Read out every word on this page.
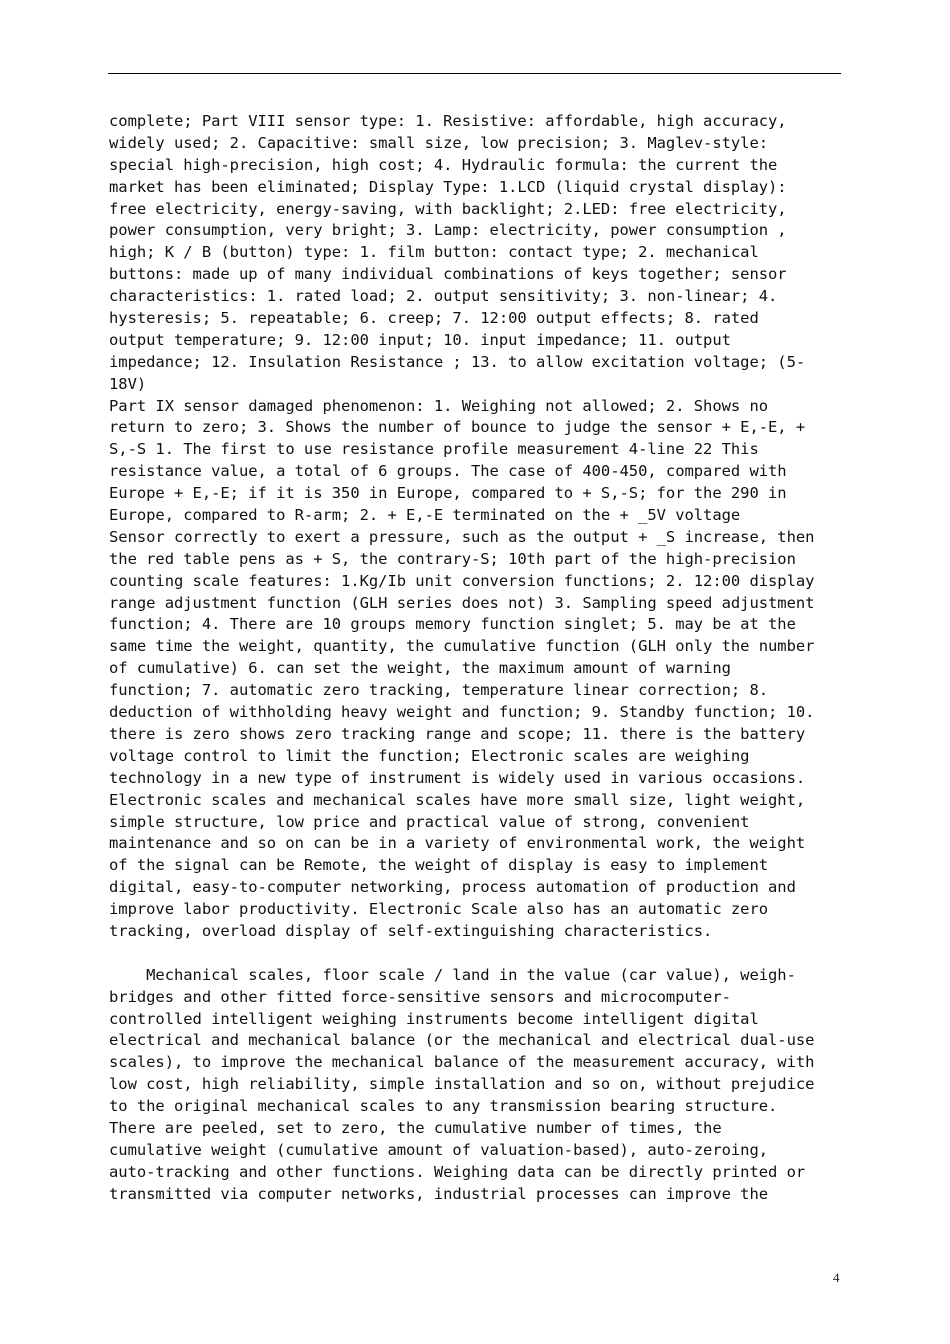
complete; Part VIII sensor type: 1. Resistive: affordable, high accuracy,
widely used; 2. Capacitive: small size, low precision; 3. Maglev-style:
special high-precision, high cost; 4. Hydraulic formula: the current the
market has been eliminated; Display Type: 1.LCD (liquid crystal display):
free electricity, energy-saving, with backlight; 2.LED: free electricity,
power consumption, very bright; 3. Lamp: electricity, power consumption ,
high; K / B (button) type: 1. film button: contact type; 2. mechanical
buttons: made up of many individual combinations of keys together; sensor
characteristics: 1. rated load; 2. output sensitivity; 3. non-linear; 4.
hysteresis; 5. repeatable; 6. creep; 7. 12:00 output effects; 8. rated
output temperature; 9. 12:00 input; 10. input impedance; 11. output
impedance; 12. Insulation Resistance ; 13. to allow excitation voltage; (5-
18V)
Part IX sensor damaged phenomenon: 1. Weighing not allowed; 2. Shows no
return to zero; 3. Shows the number of bounce to judge the sensor + E,-E, +
S,-S 1. The first to use resistance profile measurement 4-line 22 This
resistance value, a total of 6 groups. The case of 400-450, compared with
Europe + E,-E; if it is 350 in Europe, compared to + S,-S; for the 290 in
Europe, compared to R-arm; 2. + E,-E terminated on the + _5V voltage
Sensor correctly to exert a pressure, such as the output + _S increase, then
the red table pens as + S, the contrary-S; 10th part of the high-precision
counting scale features: 1.Kg/Ib unit conversion functions; 2. 12:00 display
range adjustment function (GLH series does not) 3. Sampling speed adjustment
function; 4. There are 10 groups memory function singlet; 5. may be at the
same time the weight, quantity, the cumulative function (GLH only the number
of cumulative) 6. can set the weight, the maximum amount of warning
function; 7. automatic zero tracking, temperature linear correction; 8.
deduction of withholding heavy weight and function; 9. Standby function; 10.
there is zero shows zero tracking range and scope; 11. there is the battery
voltage control to limit the function; Electronic scales are weighing
technology in a new type of instrument is widely used in various occasions.
Electronic scales and mechanical scales have more small size, light weight,
simple structure, low price and practical value of strong, convenient
maintenance and so on can be in a variety of environmental work, the weight
of the signal can be Remote, the weight of display is easy to implement
digital, easy-to-computer networking, process automation of production and
improve labor productivity. Electronic Scale also has an automatic zero
tracking, overload display of self-extinguishing characteristics.
Mechanical scales, floor scale / land in the value (car value), weigh-
bridges and other fitted force-sensitive sensors and microcomputer-
controlled intelligent weighing instruments become intelligent digital
electrical and mechanical balance (or the mechanical and electrical dual-use
scales), to improve the mechanical balance of the measurement accuracy, with
low cost, high reliability, simple installation and so on, without prejudice
to the original mechanical scales to any transmission bearing structure.
There are peeled, set to zero, the cumulative number of times, the
cumulative weight (cumulative amount of valuation-based), auto-zeroing,
auto-tracking and other functions. Weighing data can be directly printed or
transmitted via computer networks, industrial processes can improve the
4
